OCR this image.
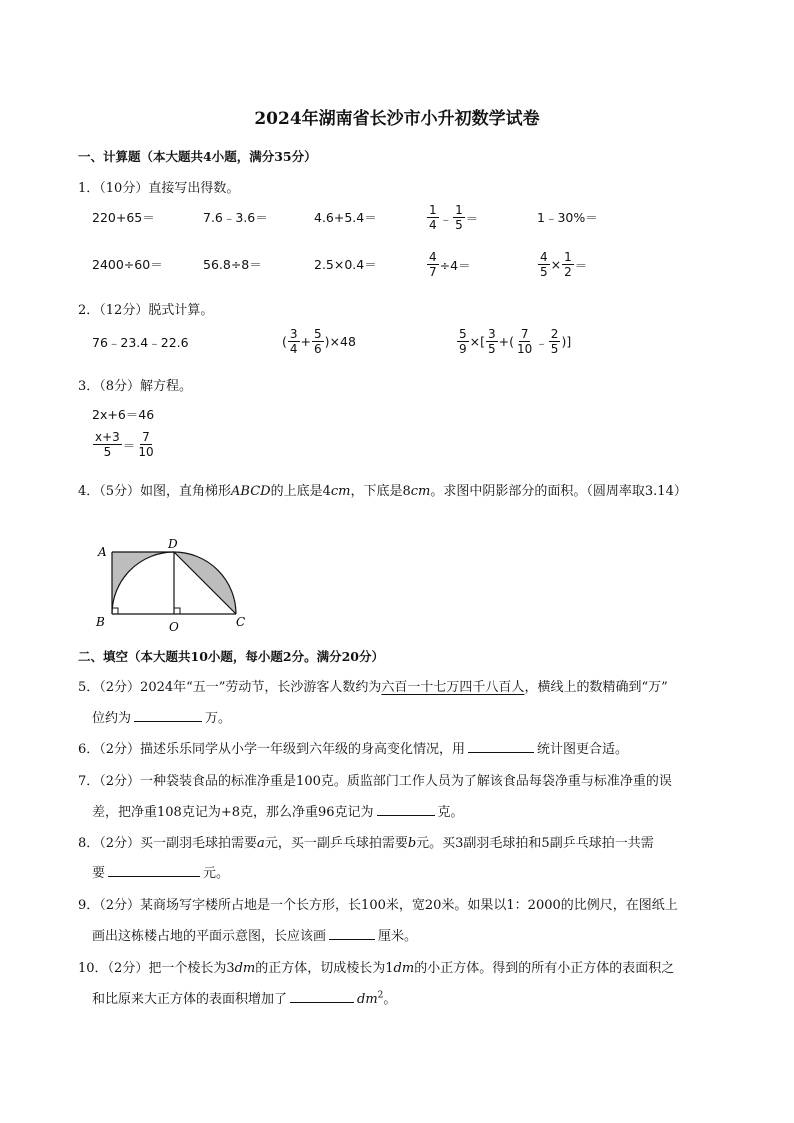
2024年湖南省长沙市小升初数学试卷
一、计算题（本大题共4小题，满分35分）
1．（10分）直接写出得数。
220+65＝	7.6﹣3.6＝	4.6+5.4＝	$\frac{1}{4}$ ﹣ $\frac{1}{5}$ ＝	1﹣30%＝
2400÷60＝	56.8÷8＝	2.5×0.4＝	$\frac{4}{7} \div 4=$	$\frac{4}{5} \times \frac{1}{2}$ ＝
2．（12分）脱式计算。
76﹣23.4﹣22.6	( $\frac{3}{4} + \frac{5}{6} )\times 48$	$\frac{5}{9}$ ×[ $\frac{3}{5}$ +( $\frac{7}{10}$ ﹣ $\frac{2}{5}$ )]
3．（8分）解方程。
2x+6＝46
$\frac{x+3}{5} = \frac{7}{10}$
4．（5分）如图，直角梯形ABCD的上底是4cm，下底是8cm。求图中阴影部分的面积。（圆周率取3.14）
A
D
B	O	C
二、填空（本大题共10小题，每小题2分。满分20分）
5．（2分）2024年“五一”劳动节，长沙游客人数约为六百一十七万四千八百人，横线上的数精确到“万”
位约为	万。
6．（2分）描述乐乐同学从小学一年级到六年级的身高变化情况，用	统计图更合适。
7．（2分）一种袋装食品的标准净重是100克。质监部门工作人员为了解该食品每袋净重与标准净重的误
差，把净重108克记为+8克，那么净重96克记为	克。
8．（2分）买一副羽毛球拍需要a元，买一副乒乓球拍需要b元。买3副羽毛球拍和5副乒乓球拍一共需
要	元。
9．（2分）某商场写字楼所占地是一个长方形，长100米，宽20米。如果以1：2000的比例尺，在图纸上
画出这栋楼占地的平面示意图，长应该画	厘米。
10．（2分）把一个棱长为3dm的正方体，切成棱长为1dm的小正方体。得到的所有小正方体的表面积之
和比原来大正方体的表面积增加了	$dm^2$。
